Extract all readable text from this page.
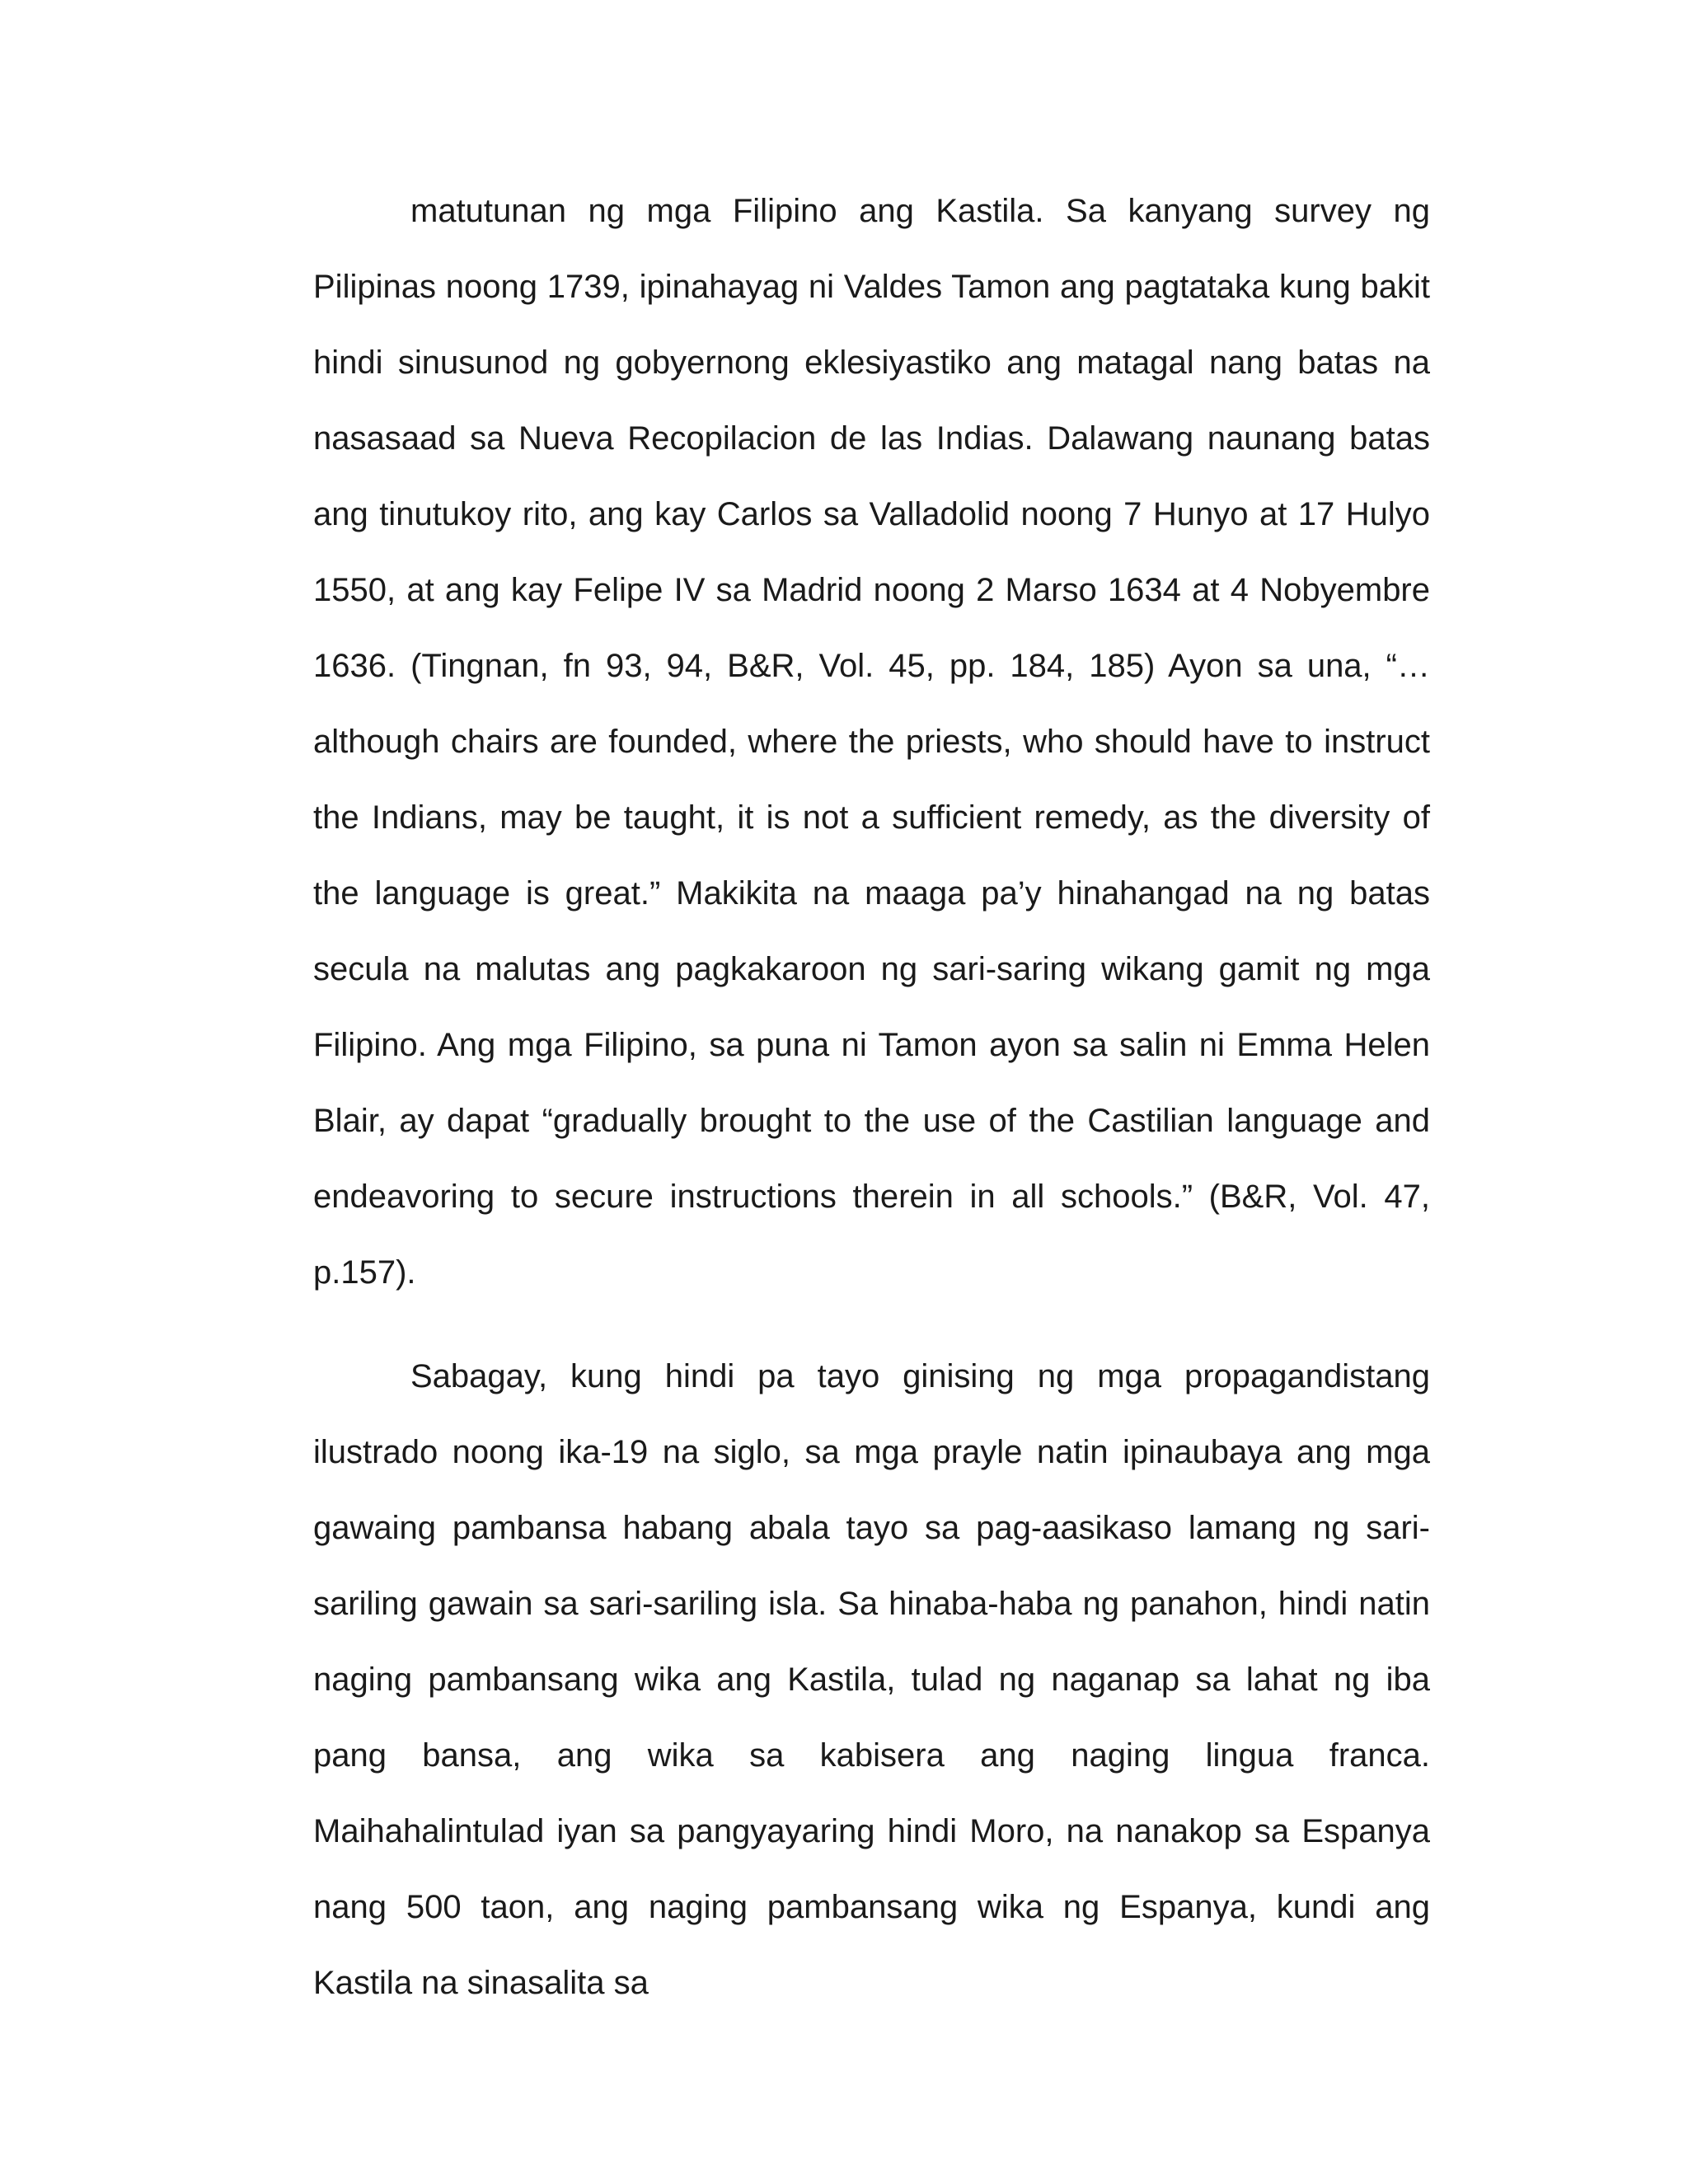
matutunan ng mga Filipino ang Kastila. Sa kanyang survey ng Pilipinas noong 1739, ipinahayag ni Valdes Tamon ang pagtataka kung bakit hindi sinusunod ng gobyernong eklesiyastiko ang matagal nang batas na nasasaad sa Nueva Recopilacion de las Indias. Dalawang naunang batas ang tinutukoy rito, ang kay Carlos sa Valladolid noong 7 Hunyo at 17 Hulyo 1550, at ang kay Felipe IV sa Madrid noong 2 Marso 1634 at 4 Nobyembre 1636. (Tingnan, fn 93, 94, B&R, Vol. 45, pp. 184, 185) Ayon sa una, “…although chairs are founded, where the priests, who should have to instruct the Indians, may be taught, it is not a sufficient remedy, as the diversity of the language is great.” Makikita na maaga pa’y hinahangad na ng batas secula na malutas ang pagkakaroon ng sari-saring wikang gamit ng mga Filipino. Ang mga Filipino, sa puna ni Tamon ayon sa salin ni Emma Helen Blair, ay dapat “gradually brought to the use of the Castilian language and endeavoring to secure instructions therein in all schools.” (B&R, Vol. 47, p.157).

Sabagay, kung hindi pa tayo ginising ng mga propagandistang ilustrado noong ika-19 na siglo, sa mga prayle natin ipinaubaya ang mga gawaing pambansa habang abala tayo sa pag-aasikaso lamang ng sari-sariling gawain sa sari-sariling isla. Sa hinaba-haba ng panahon, hindi natin naging pambansang wika ang Kastila, tulad ng naganap sa lahat ng iba pang bansa, ang wika sa kabisera ang naging lingua franca. Maihahalintulad iyan sa pangyayaring hindi Moro, na nanakop sa Espanya nang 500 taon, ang naging pambansang wika ng Espanya, kundi ang Kastila na sinasalita sa
